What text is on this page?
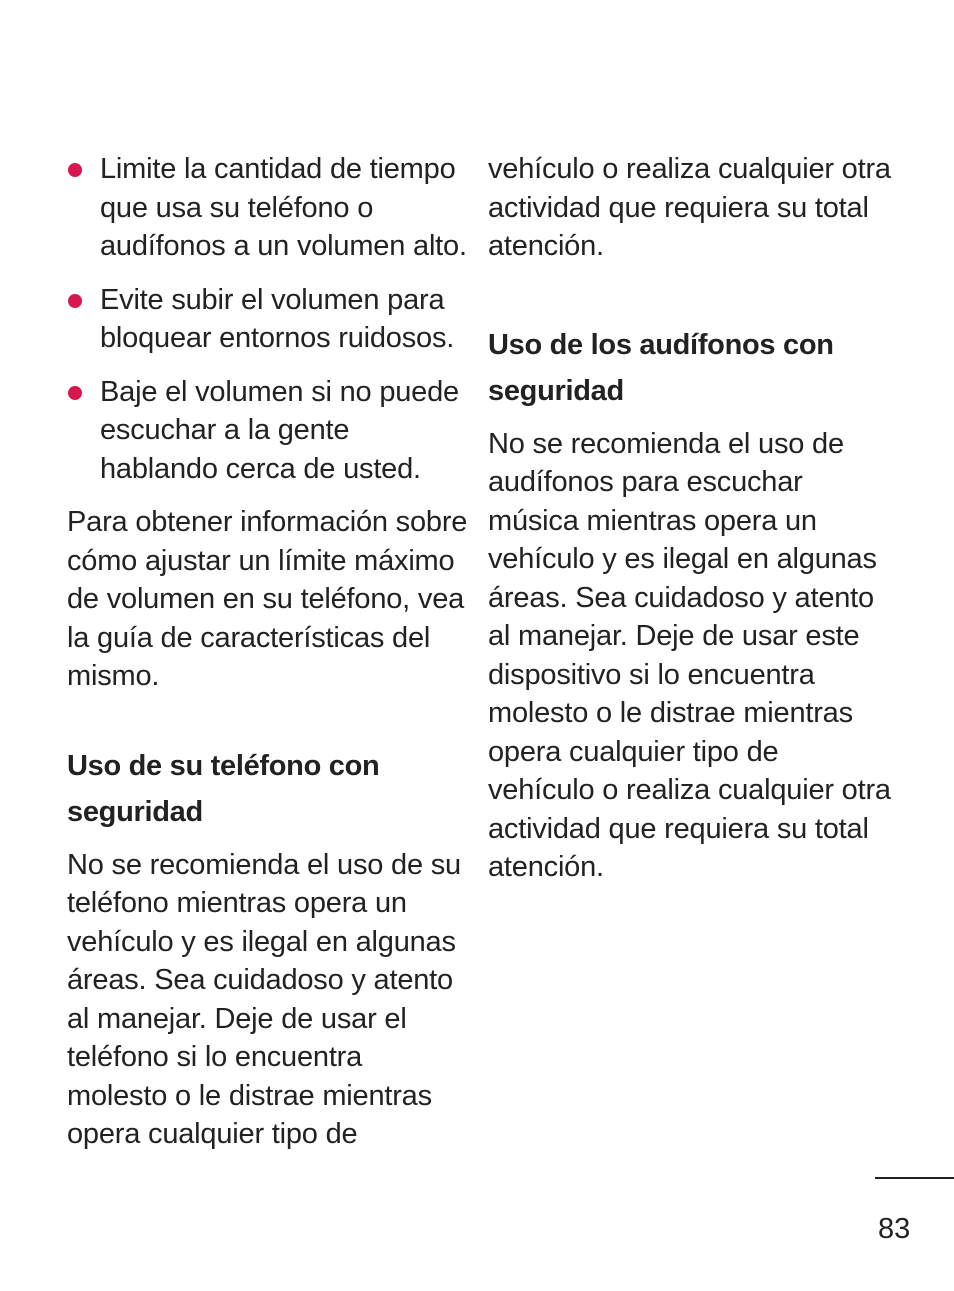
Limite la cantidad de tiempo
que usa su teléfono o
audífonos a un volumen alto.
Evite subir el volumen para
bloquear entornos ruidosos.
Baje el volumen si no puede
escuchar a la gente
hablando cerca de usted.

Para obtener información sobre
cómo ajustar un límite máximo
de volumen en su teléfono, vea
la guía de características del
mismo.

Uso de su teléfono con
seguridad

No se recomienda el uso de su
teléfono mientras opera un
vehículo y es ilegal en algunas
áreas. Sea cuidadoso y atento
al manejar. Deje de usar el
teléfono si lo encuentra
molesto o le distrae mientras
opera cualquier tipo de

vehículo o realiza cualquier otra
actividad que requiera su total
atención.

Uso de los audífonos con
seguridad

No se recomienda el uso de
audífonos para escuchar
música mientras opera un
vehículo y es ilegal en algunas
áreas. Sea cuidadoso y atento
al manejar. Deje de usar este
dispositivo si lo encuentra
molesto o le distrae mientras
opera cualquier tipo de
vehículo o realiza cualquier otra
actividad que requiera su total
atención.

83
